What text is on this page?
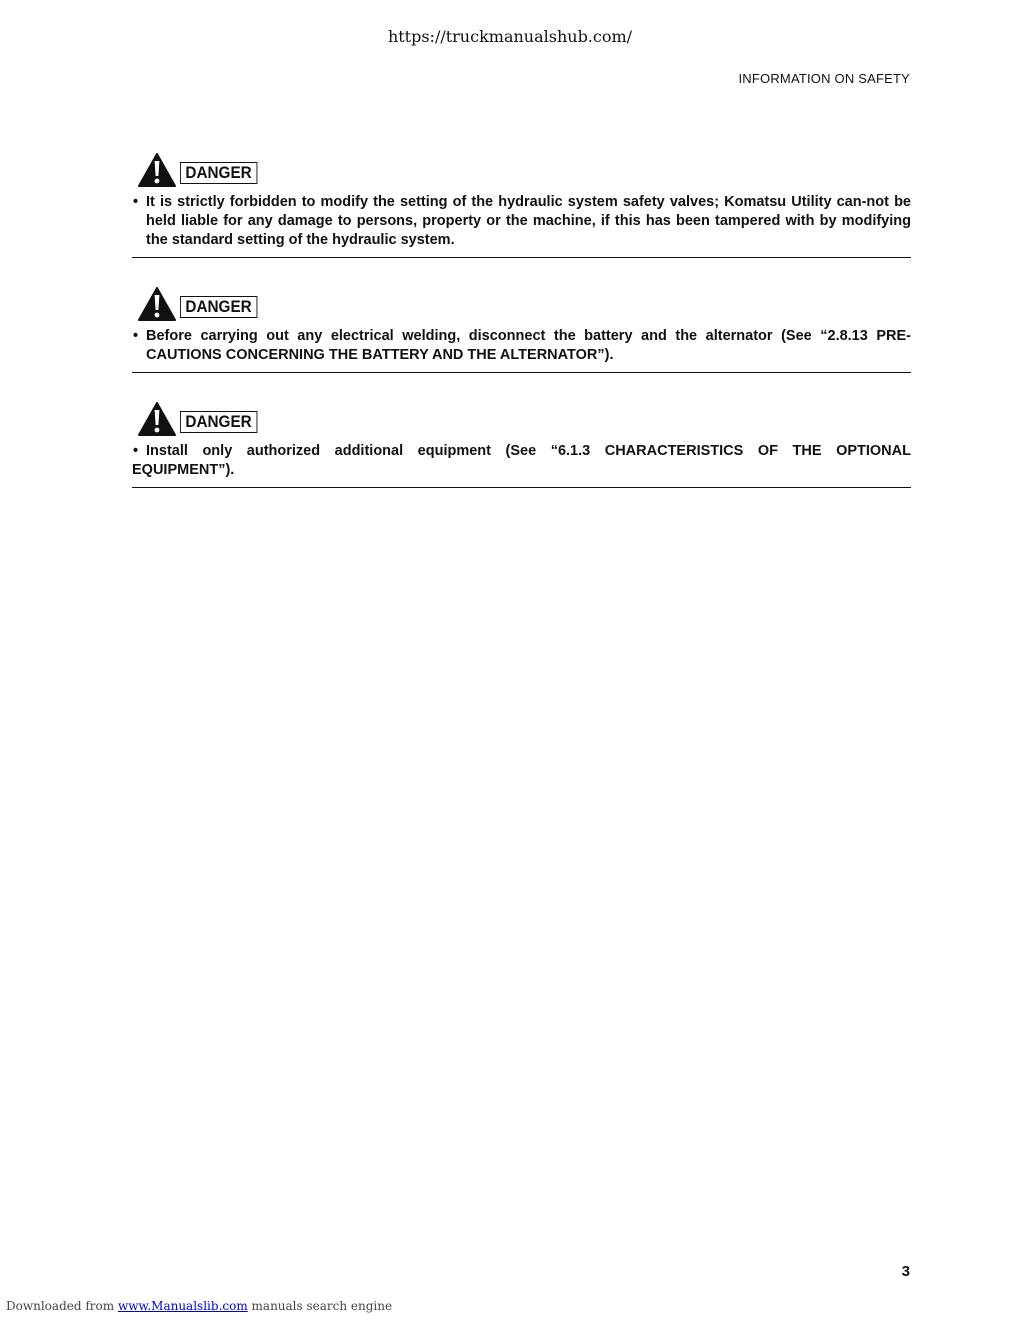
https://truckmanualshub.com/
INFORMATION ON SAFETY
DANGER
• It is strictly forbidden to modify the setting of the hydraulic system safety valves; Komatsu Utility can-not be held liable for any damage to persons, property or the machine, if this has been tampered with by modifying the standard setting of the hydraulic system.
DANGER
• Before carrying out any electrical welding, disconnect the battery and the alternator (See “2.8.13 PRE-CAUTIONS CONCERNING THE BATTERY AND THE ALTERNATOR”).
DANGER
• Install only authorized additional equipment (See “6.1.3 CHARACTERISTICS OF THE OPTIONAL EQUIPMENT”).
3
Downloaded from www.Manualslib.com manuals search engine
